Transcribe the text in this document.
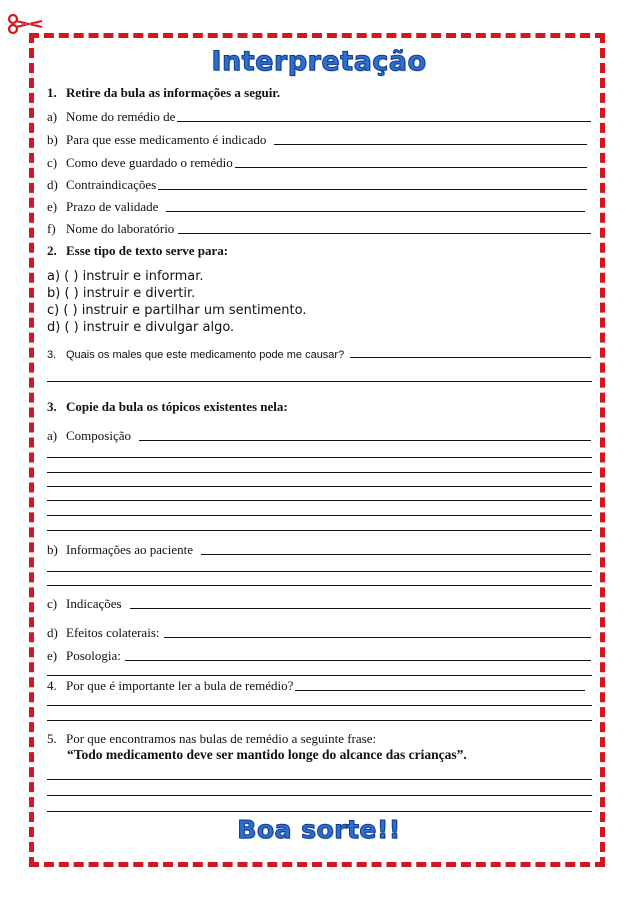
Interpretação
1. Retire da bula as informações a seguir.
a) Nome do remédio de
b) Para que esse medicamento é indicado
c) Como deve guardado o remédio
d) Contraindicações
e) Prazo de validade
f) Nome do laboratório
2. Esse tipo de texto serve para:
a) ( ) instruir e informar.
b) ( ) instruir e divertir.
c) ( ) instruir e partilhar um sentimento.
d) ( ) instruir e divulgar algo.
3. Quais os males que este medicamento pode me causar?
3. Copie da bula os tópicos existentes nela:
a) Composição
b) Informações ao paciente
c) Indicações
d) Efeitos colaterais:
e) Posologia:
4. Por que é importante ler a bula de remédio?
5. Por que encontramos nas bulas de remédio a seguinte frase:
“Todo medicamento deve ser mantido longe do alcance das crianças”.
Boa sorte!!
